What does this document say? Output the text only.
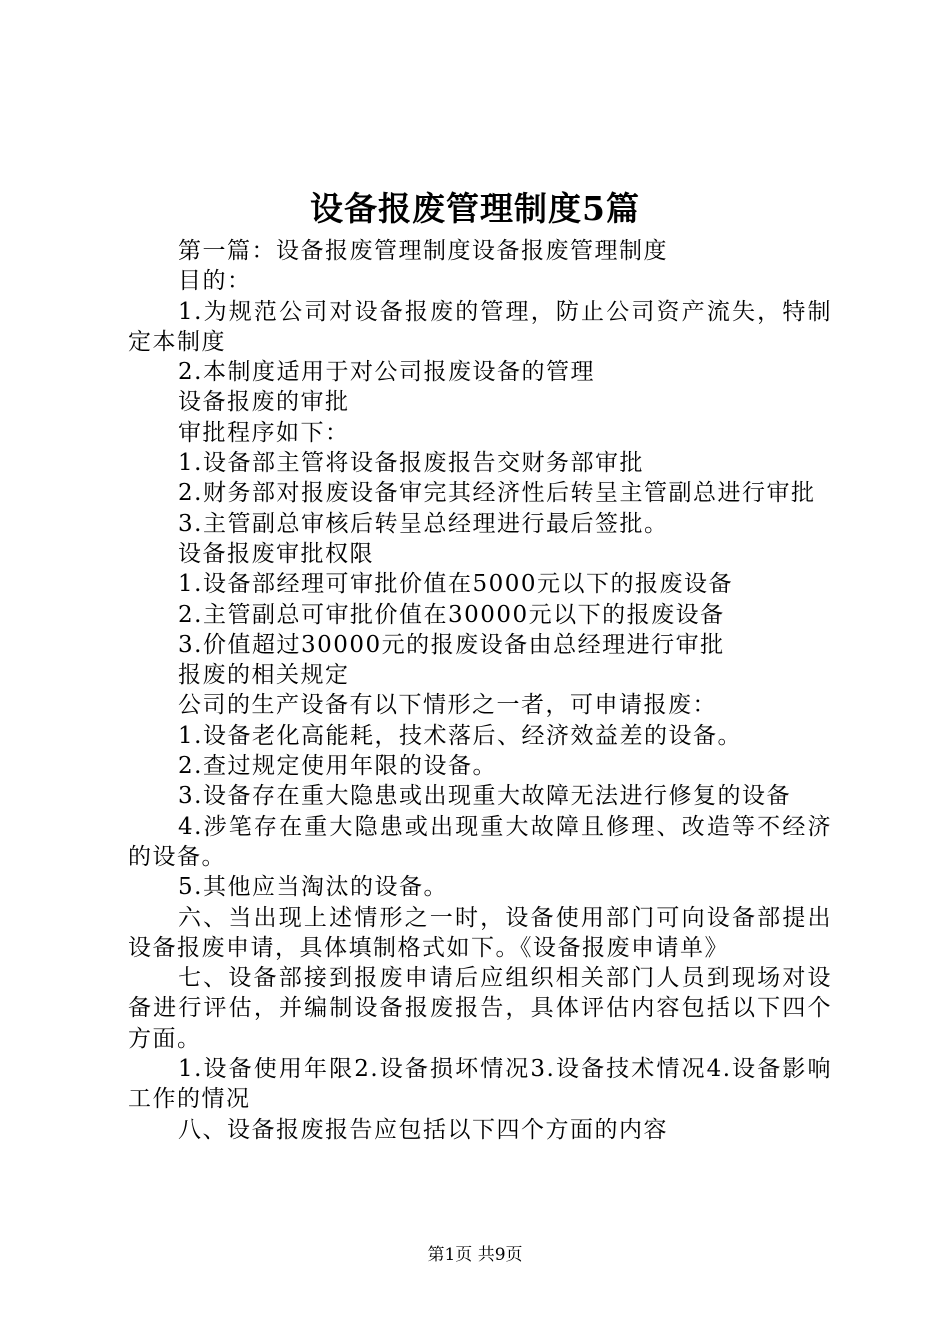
设备报废管理制度5篇

第一篇：设备报废管理制度设备报废管理制度

目的：

1.为规范公司对设备报废的管理，防止公司资产流失，特制定本制度

2.本制度适用于对公司报废设备的管理

设备报废的审批

审批程序如下：

1.设备部主管将设备报废报告交财务部审批

2.财务部对报废设备审完其经济性后转呈主管副总进行审批

3.主管副总审核后转呈总经理进行最后签批。

设备报废审批权限

1.设备部经理可审批价值在5000元以下的报废设备

2.主管副总可审批价值在30000元以下的报废设备

3.价值超过30000元的报废设备由总经理进行审批

报废的相关规定

公司的生产设备有以下情形之一者，可申请报废：

1.设备老化高能耗，技术落后、经济效益差的设备。

2.查过规定使用年限的设备。

3.设备存在重大隐患或出现重大故障无法进行修复的设备

4.涉笔存在重大隐患或出现重大故障且修理、改造等不经济的设备。

5.其他应当淘汰的设备。

六、当出现上述情形之一时，设备使用部门可向设备部提出设备报废申请，具体填制格式如下。《设备报废申请单》

七、设备部接到报废申请后应组织相关部门人员到现场对设备进行评估，并编制设备报废报告，具体评估内容包括以下四个方面。

1.设备使用年限2.设备损坏情况3.设备技术情况4.设备影响工作的情况

八、设备报废报告应包括以下四个方面的内容

第1页 共9页
